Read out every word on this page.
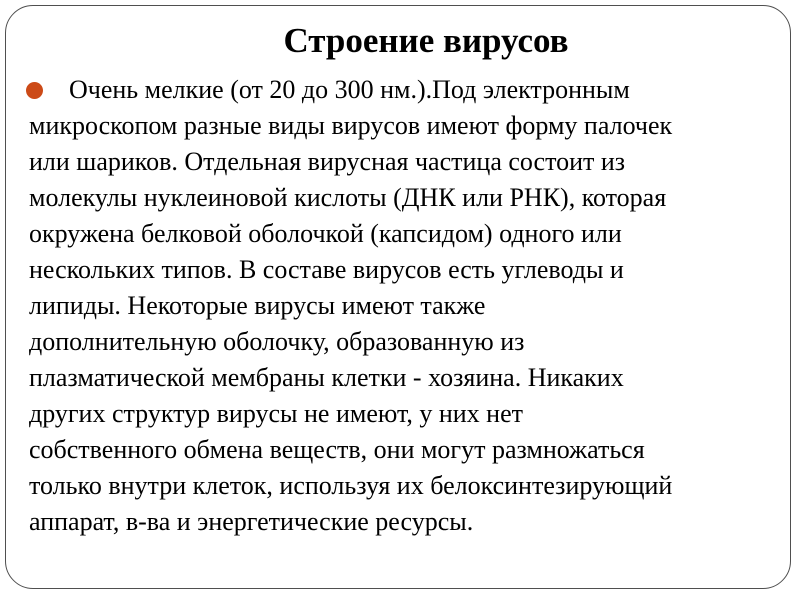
Строение вирусов
Очень мелкие (от 20 до 300 нм.).Под электронным
микроскопом разные виды вирусов имеют форму палочек
или шариков. Отдельная вирусная частица состоит из
молекулы нуклеиновой кислоты (ДНК или РНК), которая
окружена белковой оболочкой (капсидом) одного или
нескольких типов. В составе вирусов есть углеводы и
липиды. Некоторые вирусы имеют также
дополнительную оболочку, образованную из
плазматической мембраны клетки - хозяина. Никаких
других структур вирусы не имеют, у них нет
собственного обмена веществ, они могут размножаться
только внутри клеток, используя их белоксинтезирующий
аппарат, в-ва и энергетические ресурсы.
